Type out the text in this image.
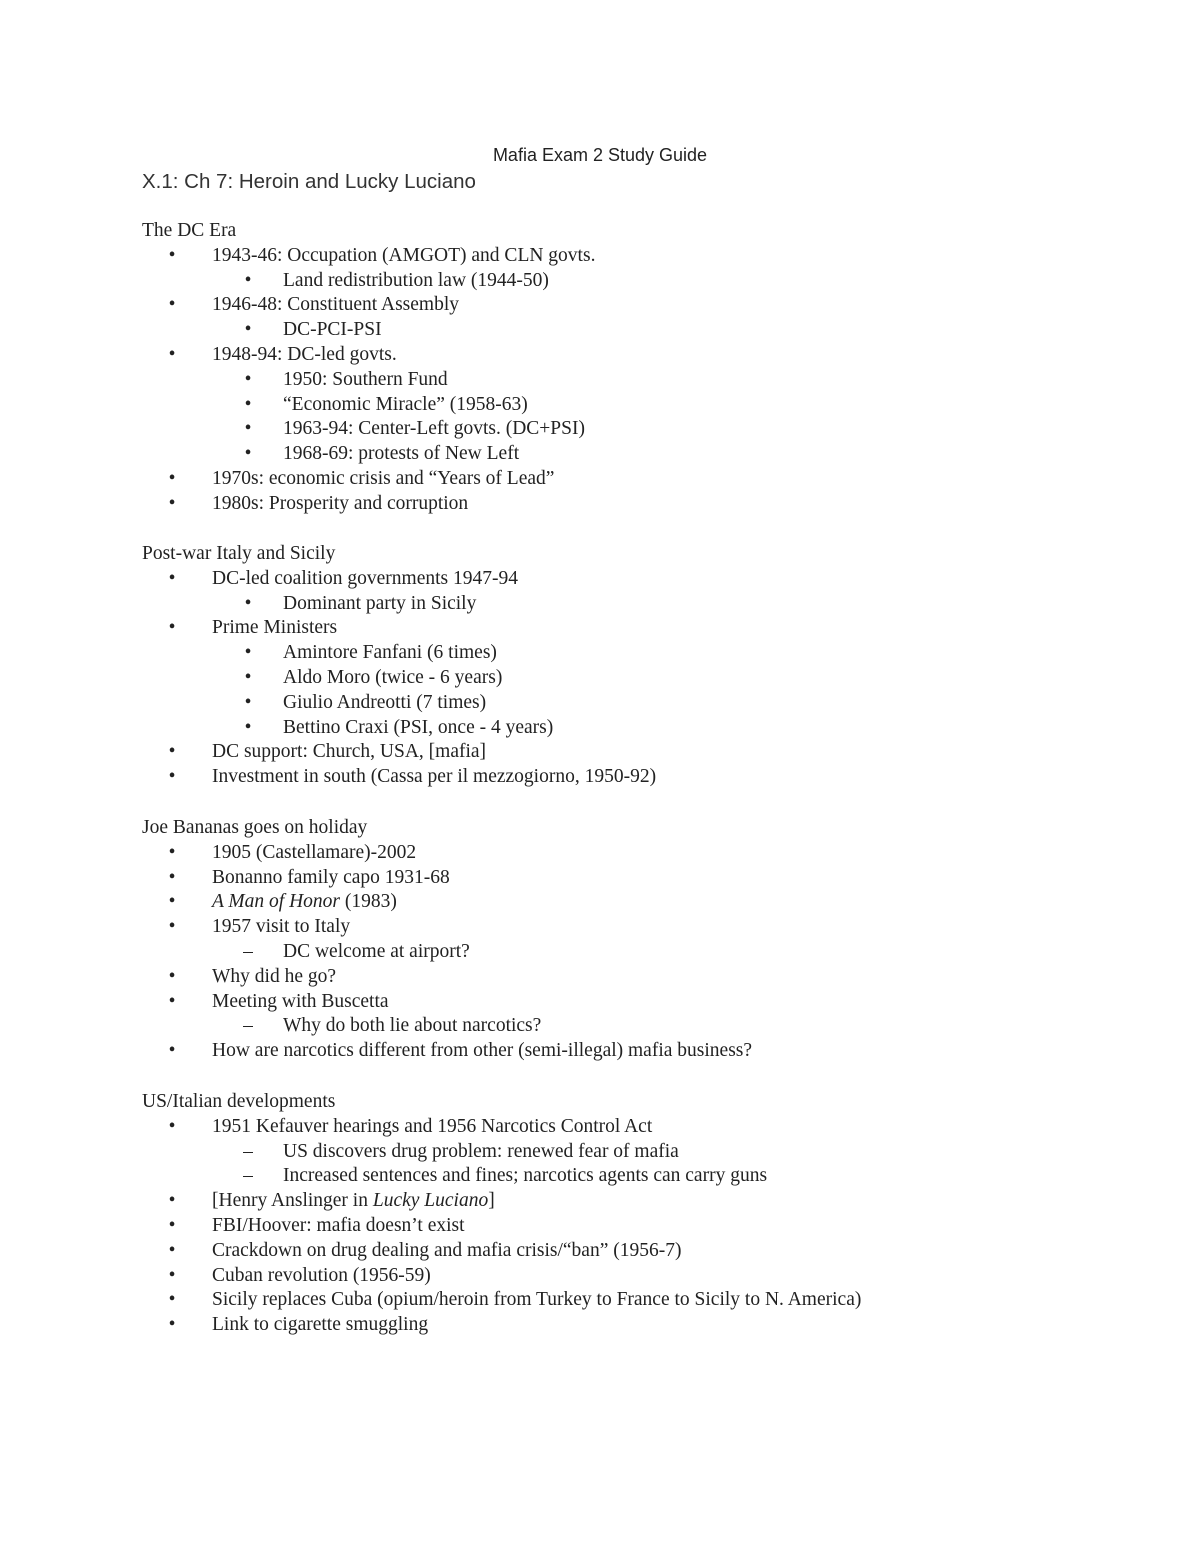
Mafia Exam 2 Study Guide
X.1: Ch 7: Heroin and Lucky Luciano
The DC Era
•	1943-46: Occupation (AMGOT) and CLN govts.
•	Land redistribution law (1944-50)
•	1946-48: Constituent Assembly
•	DC-PCI-PSI
•	1948-94: DC-led govts.
•	1950: Southern Fund
•	“Economic Miracle” (1958-63)
•	1963-94: Center-Left govts. (DC+PSI)
•	1968-69: protests of New Left
•	1970s: economic crisis and “Years of Lead”
•	1980s: Prosperity and corruption
Post-war Italy and Sicily
•	DC-led coalition governments 1947-94
•	Dominant party in Sicily
•	Prime Ministers
•	Amintore Fanfani (6 times)
•	Aldo Moro (twice - 6 years)
•	Giulio Andreotti (7 times)
•	Bettino Craxi (PSI, once - 4 years)
•	DC support: Church, USA, [mafia]
•	Investment in south (Cassa per il mezzogiorno, 1950-92)
Joe Bananas goes on holiday
•	1905 (Castellamare)-2002
•	Bonanno family capo 1931-68
•	A Man of Honor (1983)
•	1957 visit to Italy
– DC welcome at airport?
•	Why did he go?
•	Meeting with Buscetta
– Why do both lie about narcotics?
•	How are narcotics different from other (semi-illegal) mafia business?
US/Italian developments
•	1951 Kefauver hearings and 1956 Narcotics Control Act
– US discovers drug problem: renewed fear of mafia
– Increased sentences and fines; narcotics agents can carry guns
•	[Henry Anslinger in Lucky Luciano]
•	FBI/Hoover: mafia doesn’t exist
•	Crackdown on drug dealing and mafia crisis/“ban” (1956-7)
•	Cuban revolution (1956-59)
•	Sicily replaces Cuba (opium/heroin from Turkey to France to Sicily to N. America)
•	Link to cigarette smuggling
